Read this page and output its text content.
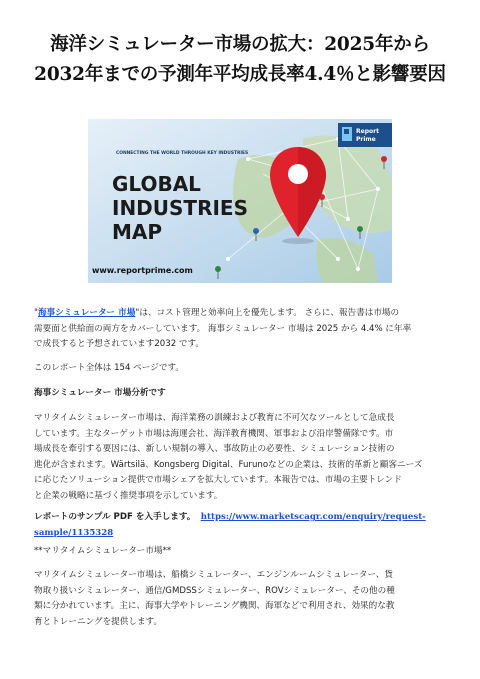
海洋シミュレーター市場の拡大：2025年から
2032年までの予測年平均成長率4.4％と影響要因
CONNECTING THE WORLD THROUGH KEY INDUSTRIES
GLOBAL
INDUSTRIES
MAP
www.reportprime.com
Report
Prime

"海事シミュレーター 市場"は、コスト管理と効率向上を優先します。 さらに、報告書は市場の

需要面と供給面の両方をカバーしています。 海事シミュレーター 市場は 2025 から 4.4% に年率

で成長すると予想されています2032 です。

このレポート全体は 154 ページです。
海事シミュレーター 市場分析です

マリタイムシミュレーター市場は、海洋業務の訓練および教育に不可欠なツールとして急成長

しています。主なターゲット市場は海運会社、海洋教育機関、軍事および沿岸警備隊です。市

場成長を牽引する要因には、新しい規制の導入、事故防止の必要性、シミュレーション技術の

進化が含まれます。Wärtsilä、Kongsberg Digital、Furunoなどの企業は、技術的革新と顧客ニーズ

に応じたソリューション提供で市場シェアを拡大しています。本報告では、市場の主要トレンド

と企業の戦略に基づく推奨事項を示しています。

レポートのサンプル PDF を入手します。 https://www.marketscagr.com/enquiry/request-

sample/1135328

**マリタイムシミュレーター市場**

マリタイムシミュレーター市場は、船橋シミュレーター、エンジンルームシミュレーター、貨

物取り扱いシミュレーター、通信/GMDSSシミュレーター、ROVシミュレーター、その他の種

類に分かれています。主に、海事大学やトレーニング機関、海軍などで利用され、効果的な教

育とトレーニングを提供します。
